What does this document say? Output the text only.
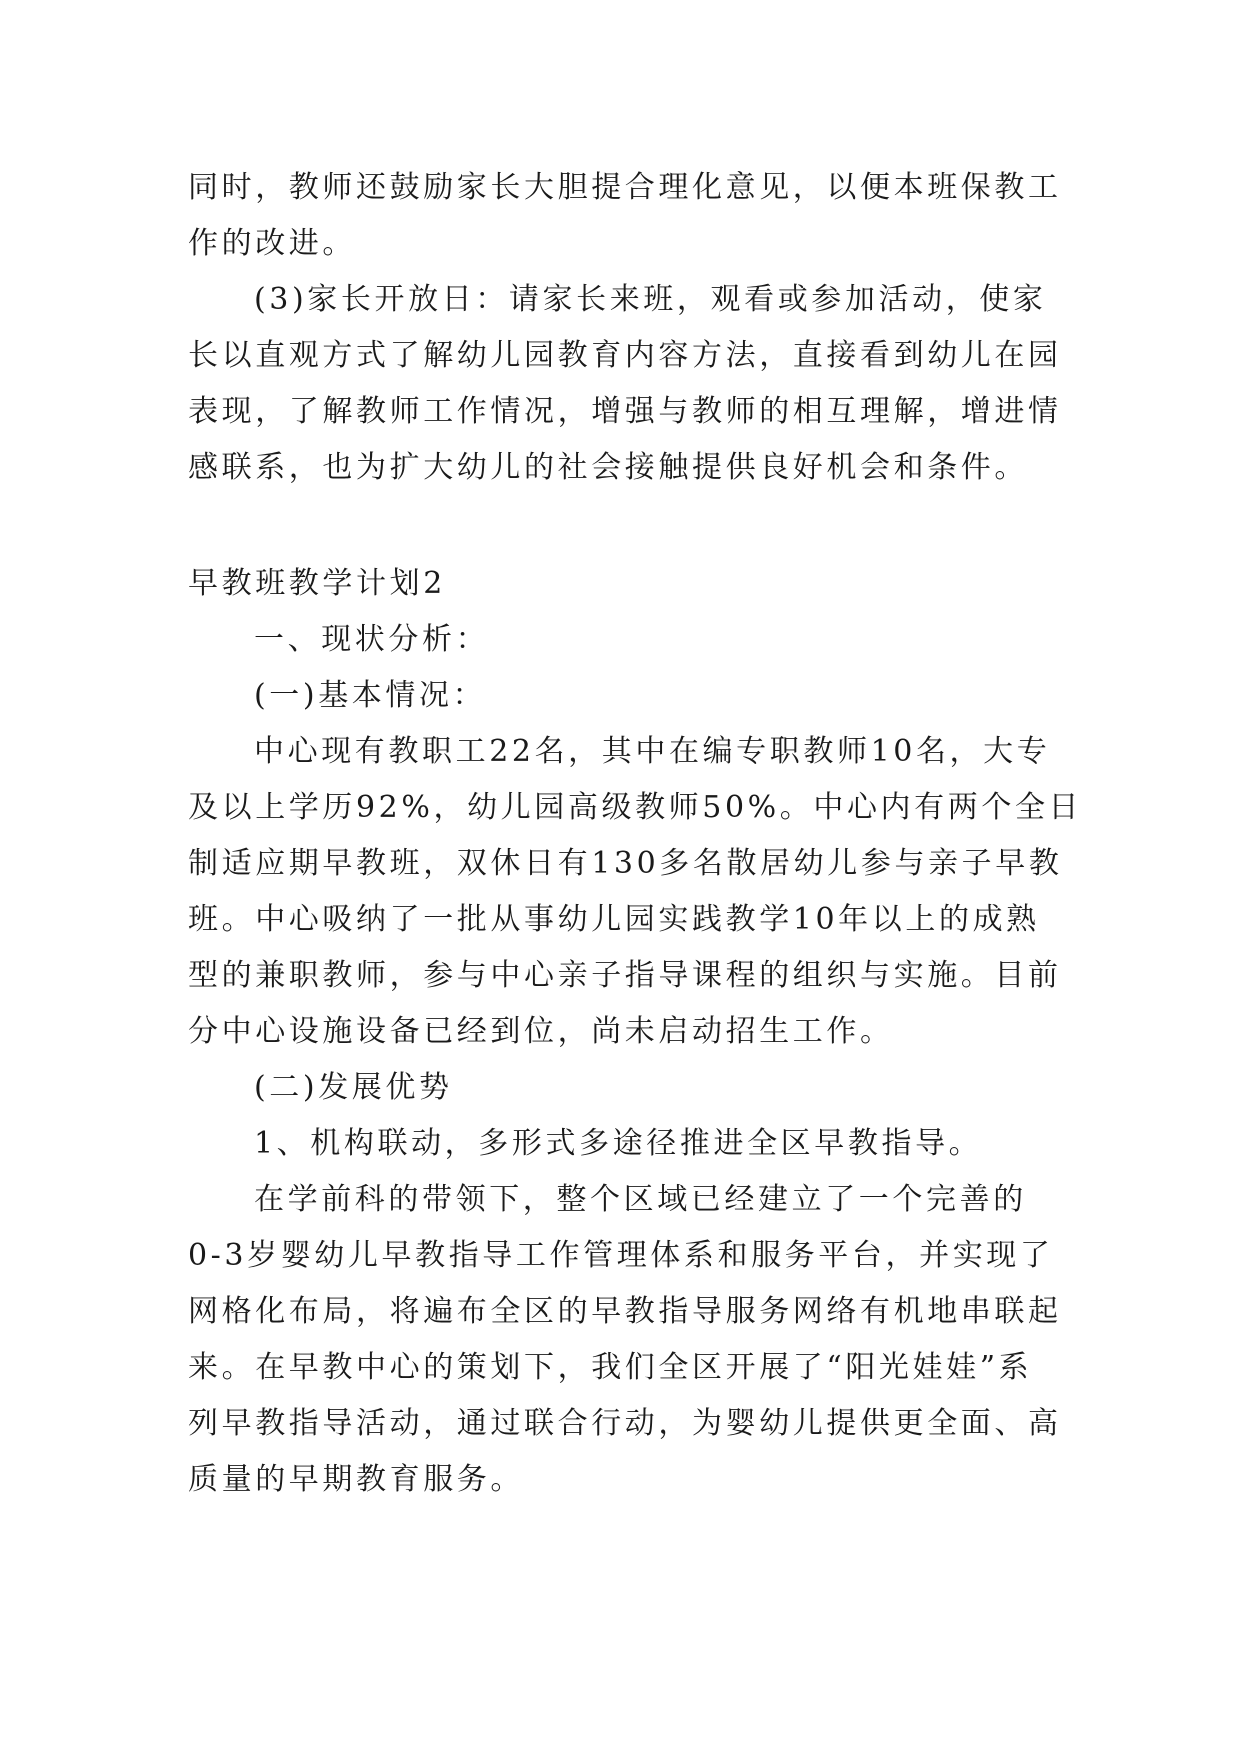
同时，教师还鼓励家长大胆提合理化意见，以便本班保教工
作的改进。
(3)家长开放日：请家长来班，观看或参加活动，使家
长以直观方式了解幼儿园教育内容方法，直接看到幼儿在园
表现，了解教师工作情况，增强与教师的相互理解，增进情
感联系，也为扩大幼儿的社会接触提供良好机会和条件。
早教班教学计划2
一、现状分析：
(一)基本情况：
中心现有教职工22名，其中在编专职教师10名，大专
及以上学历92%，幼儿园高级教师50%。中心内有两个全日
制适应期早教班，双休日有130多名散居幼儿参与亲子早教
班。中心吸纳了一批从事幼儿园实践教学10年以上的成熟
型的兼职教师，参与中心亲子指导课程的组织与实施。目前
分中心设施设备已经到位，尚未启动招生工作。
(二)发展优势
1、机构联动，多形式多途径推进全区早教指导。
在学前科的带领下，整个区域已经建立了一个完善的
0-3岁婴幼儿早教指导工作管理体系和服务平台，并实现了
网格化布局，将遍布全区的早教指导服务网络有机地串联起
来。在早教中心的策划下，我们全区开展了“阳光娃娃”系
列早教指导活动，通过联合行动，为婴幼儿提供更全面、高
质量的早期教育服务。
